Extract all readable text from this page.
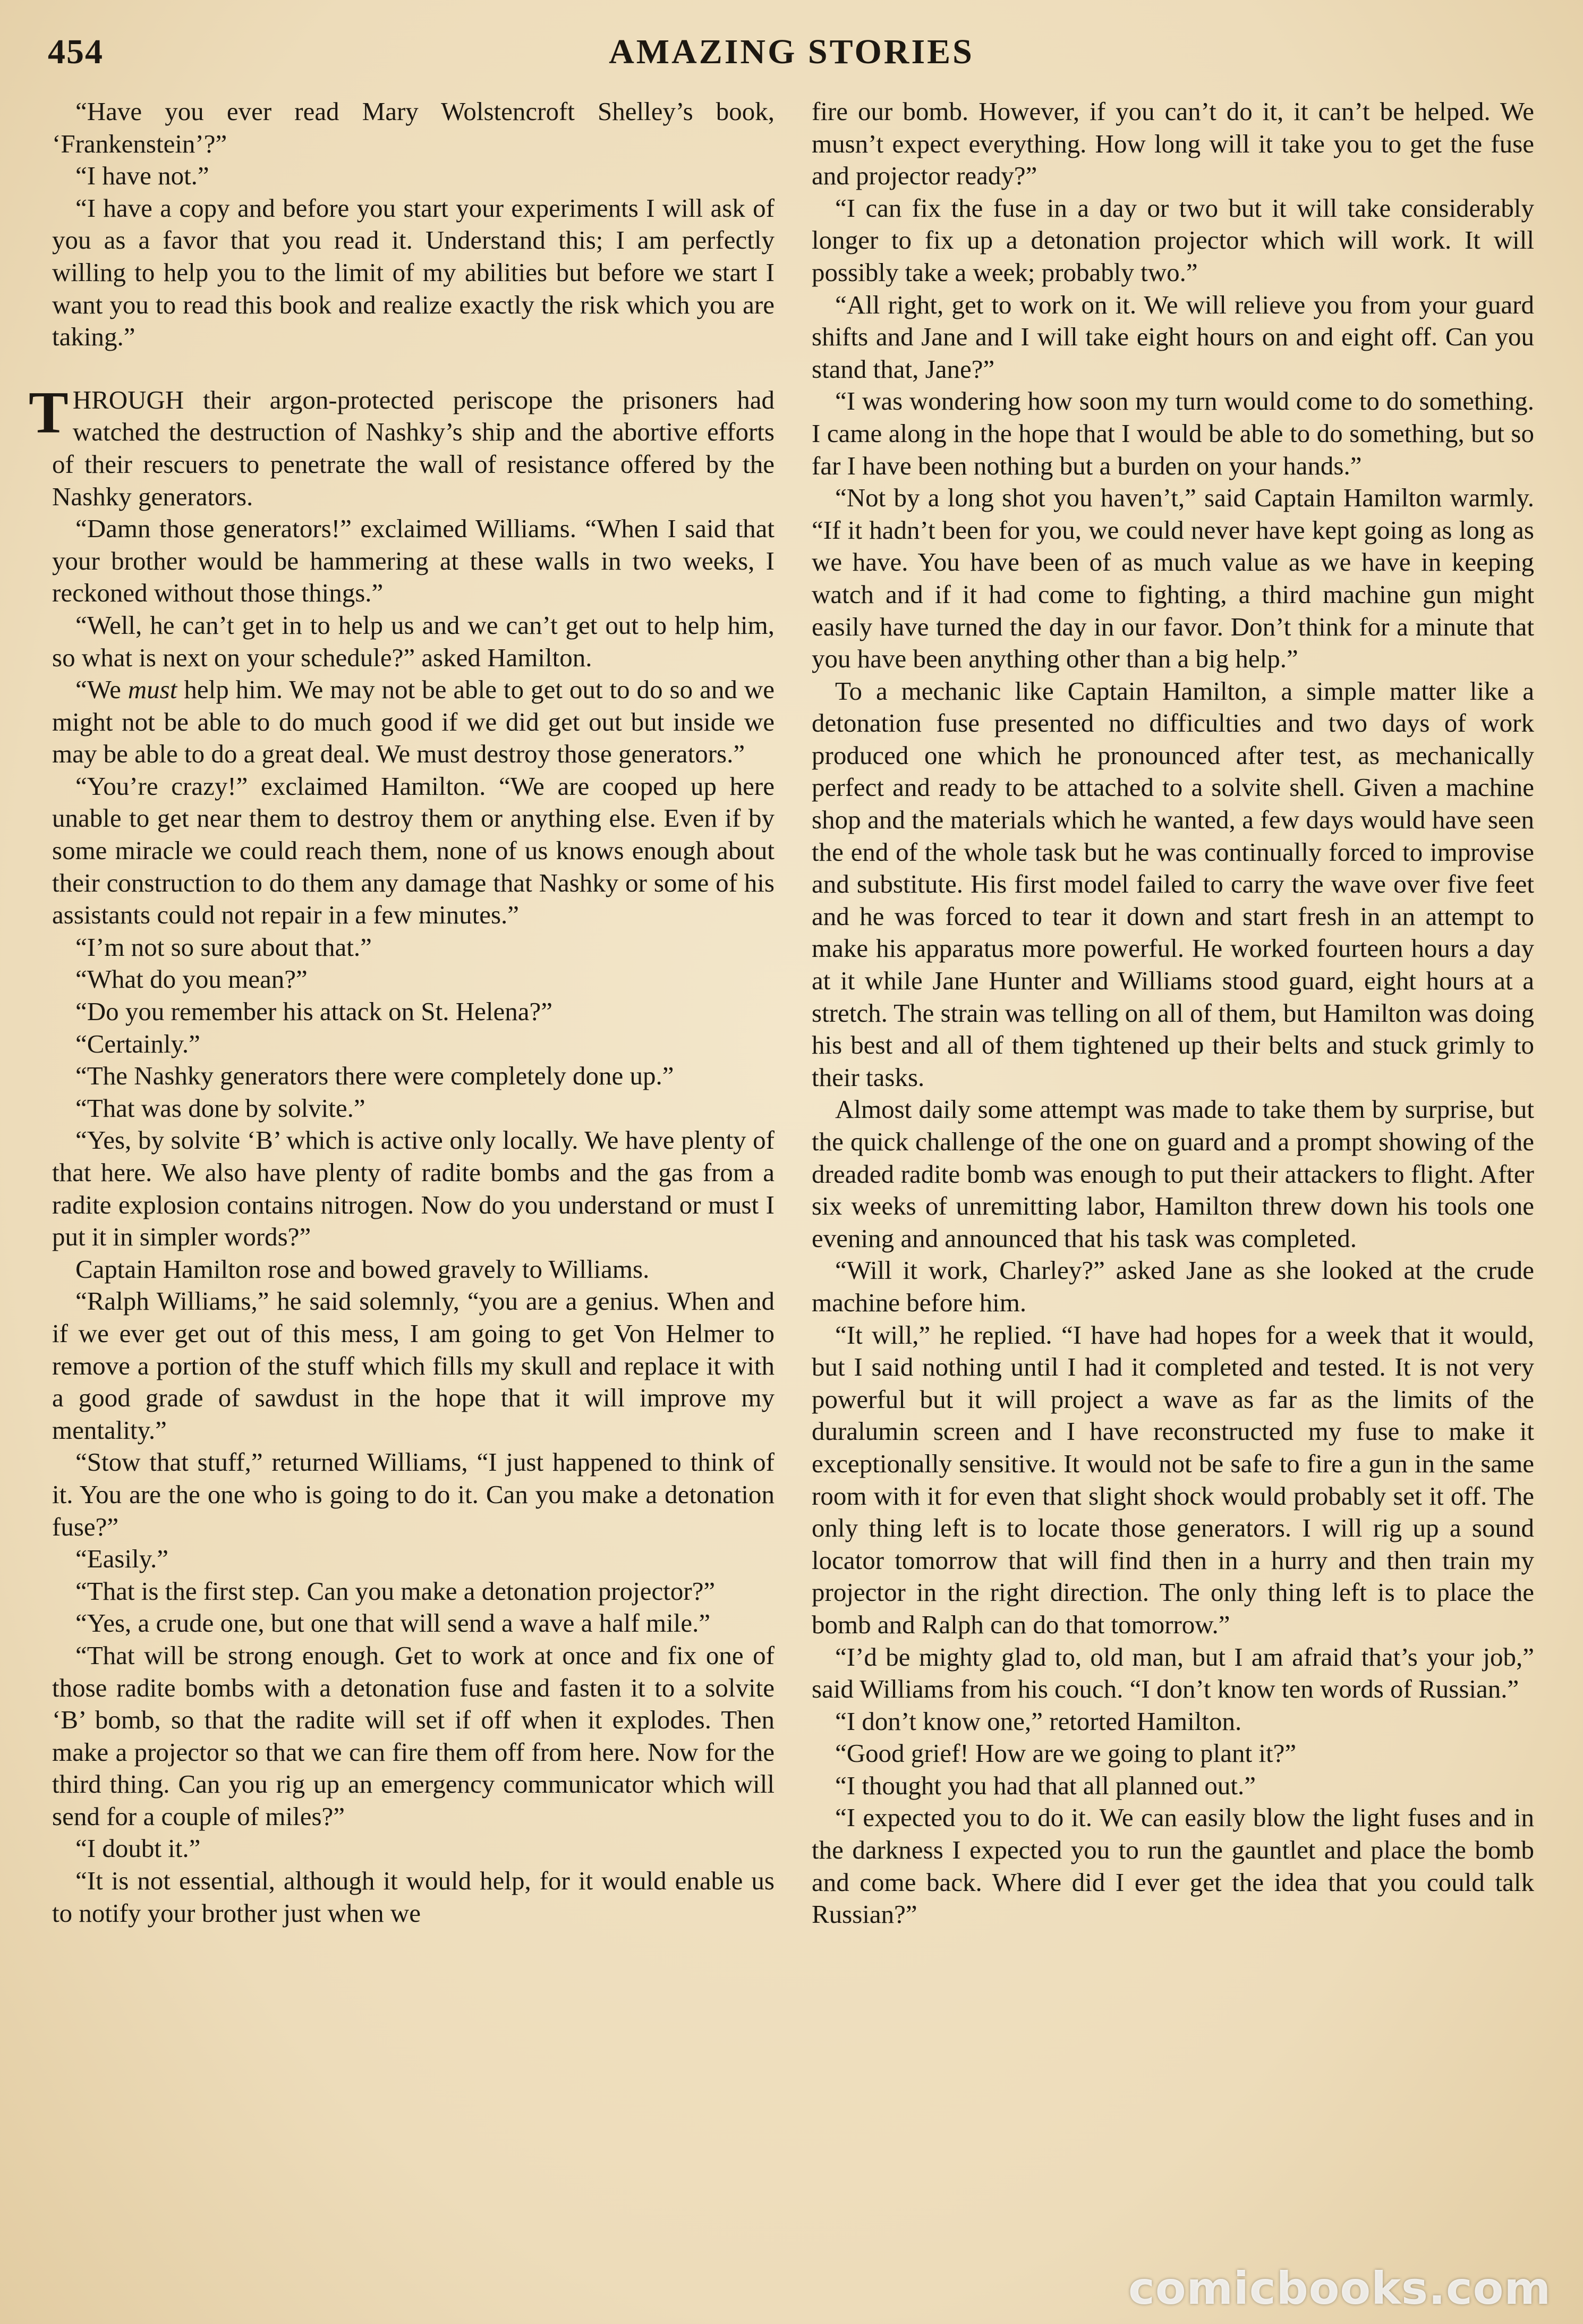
454	AMAZING STORIES

“Have you ever read Mary Wolstencroft Shelley’s book, ‘Frankenstein’?”

“I have not.”

“I have a copy and before you start your experiments I will ask of you as a favor that you read it. Understand this; I am perfectly willing to help you to the limit of my abilities but before we start I want you to read this book and realize exactly the risk which you are taking.”

THROUGH their argon-protected periscope the prisoners had watched the destruction of Nashky’s ship and the abortive efforts of their rescuers to penetrate the wall of resistance offered by the Nashky generators.

“Damn those generators!” exclaimed Williams. “When I said that your brother would be hammering at these walls in two weeks, I reckoned without those things.”

“Well, he can’t get in to help us and we can’t get out to help him, so what is next on your schedule?” asked Hamilton.

“We must help him. We may not be able to get out to do so and we might not be able to do much good if we did get out but inside we may be able to do a great deal. We must destroy those generators.”

“You’re crazy!” exclaimed Hamilton. “We are cooped up here unable to get near them to destroy them or anything else. Even if by some miracle we could reach them, none of us knows enough about their construction to do them any damage that Nashky or some of his assistants could not repair in a few minutes.”

“I’m not so sure about that.”

“What do you mean?”

“Do you remember his attack on St. Helena?”

“Certainly.”

“The Nashky generators there were completely done up.”

“That was done by solvite.”

“Yes, by solvite ‘B’ which is active only locally. We have plenty of that here. We also have plenty of radite bombs and the gas from a radite explosion contains nitrogen. Now do you understand or must I put it in simpler words?”

Captain Hamilton rose and bowed gravely to Williams.

“Ralph Williams,” he said solemnly, “you are a genius. When and if we ever get out of this mess, I am going to get Von Helmer to remove a portion of the stuff which fills my skull and replace it with a good grade of sawdust in the hope that it will improve my mentality.”

“Stow that stuff,” returned Williams, “I just happened to think of it. You are the one who is going to do it. Can you make a detonation fuse?”

“Easily.”

“That is the first step. Can you make a detonation projector?”

“Yes, a crude one, but one that will send a wave a half mile.”

“That will be strong enough. Get to work at once and fix one of those radite bombs with a detonation fuse and fasten it to a solvite ‘B’ bomb, so that the radite will set if off when it explodes. Then make a projector so that we can fire them off from here. Now for the third thing. Can you rig up an emergency communicator which will send for a couple of miles?”

“I doubt it.”

“It is not essential, although it would help, for it would enable us to notify your brother just when we

fire our bomb. However, if you can’t do it, it can’t be helped. We musn’t expect everything. How long will it take you to get the fuse and projector ready?”

“I can fix the fuse in a day or two but it will take considerably longer to fix up a detonation projector which will work. It will possibly take a week; probably two.”

“All right, get to work on it. We will relieve you from your guard shifts and Jane and I will take eight hours on and eight off. Can you stand that, Jane?”

“I was wondering how soon my turn would come to do something. I came along in the hope that I would be able to do something, but so far I have been nothing but a burden on your hands.”

“Not by a long shot you haven’t,” said Captain Hamilton warmly. “If it hadn’t been for you, we could never have kept going as long as we have. You have been of as much value as we have in keeping watch and if it had come to fighting, a third machine gun might easily have turned the day in our favor. Don’t think for a minute that you have been anything other than a big help.”

To a mechanic like Captain Hamilton, a simple matter like a detonation fuse presented no difficulties and two days of work produced one which he pronounced after test, as mechanically perfect and ready to be attached to a solvite shell. Given a machine shop and the materials which he wanted, a few days would have seen the end of the whole task but he was continually forced to improvise and substitute. His first model failed to carry the wave over five feet and he was forced to tear it down and start fresh in an attempt to make his apparatus more powerful. He worked fourteen hours a day at it while Jane Hunter and Williams stood guard, eight hours at a stretch. The strain was telling on all of them, but Hamilton was doing his best and all of them tightened up their belts and stuck grimly to their tasks.

Almost daily some attempt was made to take them by surprise, but the quick challenge of the one on guard and a prompt showing of the dreaded radite bomb was enough to put their attackers to flight. After six weeks of unremitting labor, Hamilton threw down his tools one evening and announced that his task was completed.

“Will it work, Charley?” asked Jane as she looked at the crude machine before him.

“It will,” he replied. “I have had hopes for a week that it would, but I said nothing until I had it completed and tested. It is not very powerful but it will project a wave as far as the limits of the duralumin screen and I have reconstructed my fuse to make it exceptionally sensitive. It would not be safe to fire a gun in the same room with it for even that slight shock would probably set it off. The only thing left is to locate those generators. I will rig up a sound locator tomorrow that will find then in a hurry and then train my projector in the right direction. The only thing left is to place the bomb and Ralph can do that tomorrow.”

“I’d be mighty glad to, old man, but I am afraid that’s your job,” said Williams from his couch. “I don’t know ten words of Russian.”

“I don’t know one,” retorted Hamilton.

“Good grief! How are we going to plant it?”

“I thought you had that all planned out.”

“I expected you to do it. We can easily blow the light fuses and in the darkness I expected you to run the gauntlet and place the bomb and come back. Where did I ever get the idea that you could talk Russian?”

comicbooks.com
